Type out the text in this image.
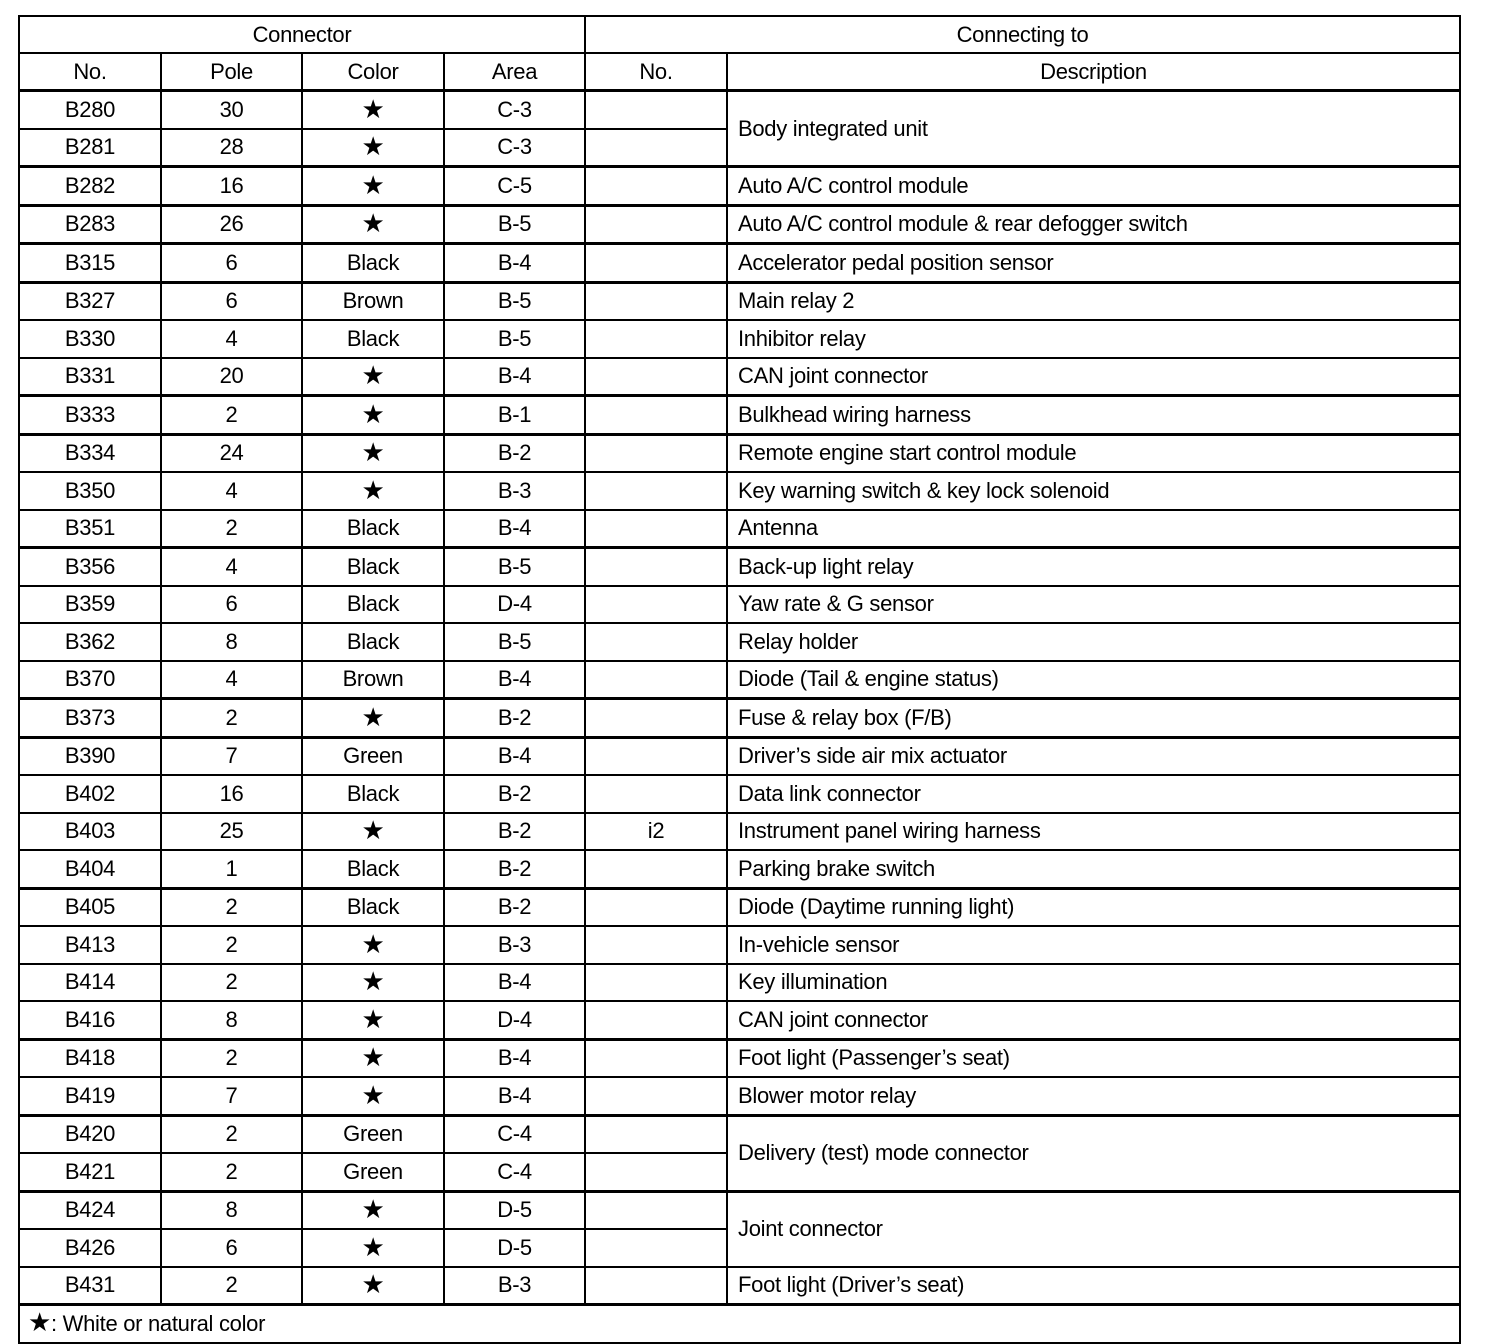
Connector				Connecting to	
No.	Pole	Color	Area	No.	Description
B280	30	★	C-3		Body integrated unit
B281	28	★	C-3		
B282	16	★	C-5		Auto A/C control module
B283	26	★	B-5		Auto A/C control module & rear defogger switch
B315	6	Black	B-4		Accelerator pedal position sensor
B327	6	Brown	B-5		Main relay 2
B330	4	Black	B-5		Inhibitor relay
B331	20	★	B-4		CAN joint connector
B333	2	★	B-1		Bulkhead wiring harness
B334	24	★	B-2		Remote engine start control module
B350	4	★	B-3		Key warning switch & key lock solenoid
B351	2	Black	B-4		Antenna
B356	4	Black	B-5		Back-up light relay
B359	6	Black	D-4		Yaw rate & G sensor
B362	8	Black	B-5		Relay holder
B370	4	Brown	B-4		Diode (Tail & engine status)
B373	2	★	B-2		Fuse & relay box (F/B)
B390	7	Green	B-4		Driver’s side air mix actuator
B402	16	Black	B-2		Data link connector
B403	25	★	B-2	i2	Instrument panel wiring harness
B404	1	Black	B-2		Parking brake switch
B405	2	Black	B-2		Diode (Daytime running light)
B413	2	★	B-3		In-vehicle sensor
B414	2	★	B-4		Key illumination
B416	8	★	D-4		CAN joint connector
B418	2	★	B-4		Foot light (Passenger’s seat)
B419	7	★	B-4		Blower motor relay
B420	2	Green	C-4		Delivery (test) mode connector
B421	2	Green	C-4		
B424	8	★	D-5		Joint connector
B426	6	★	D-5		
B431	2	★	B-3		Foot light (Driver’s seat)
★: White or natural color					
